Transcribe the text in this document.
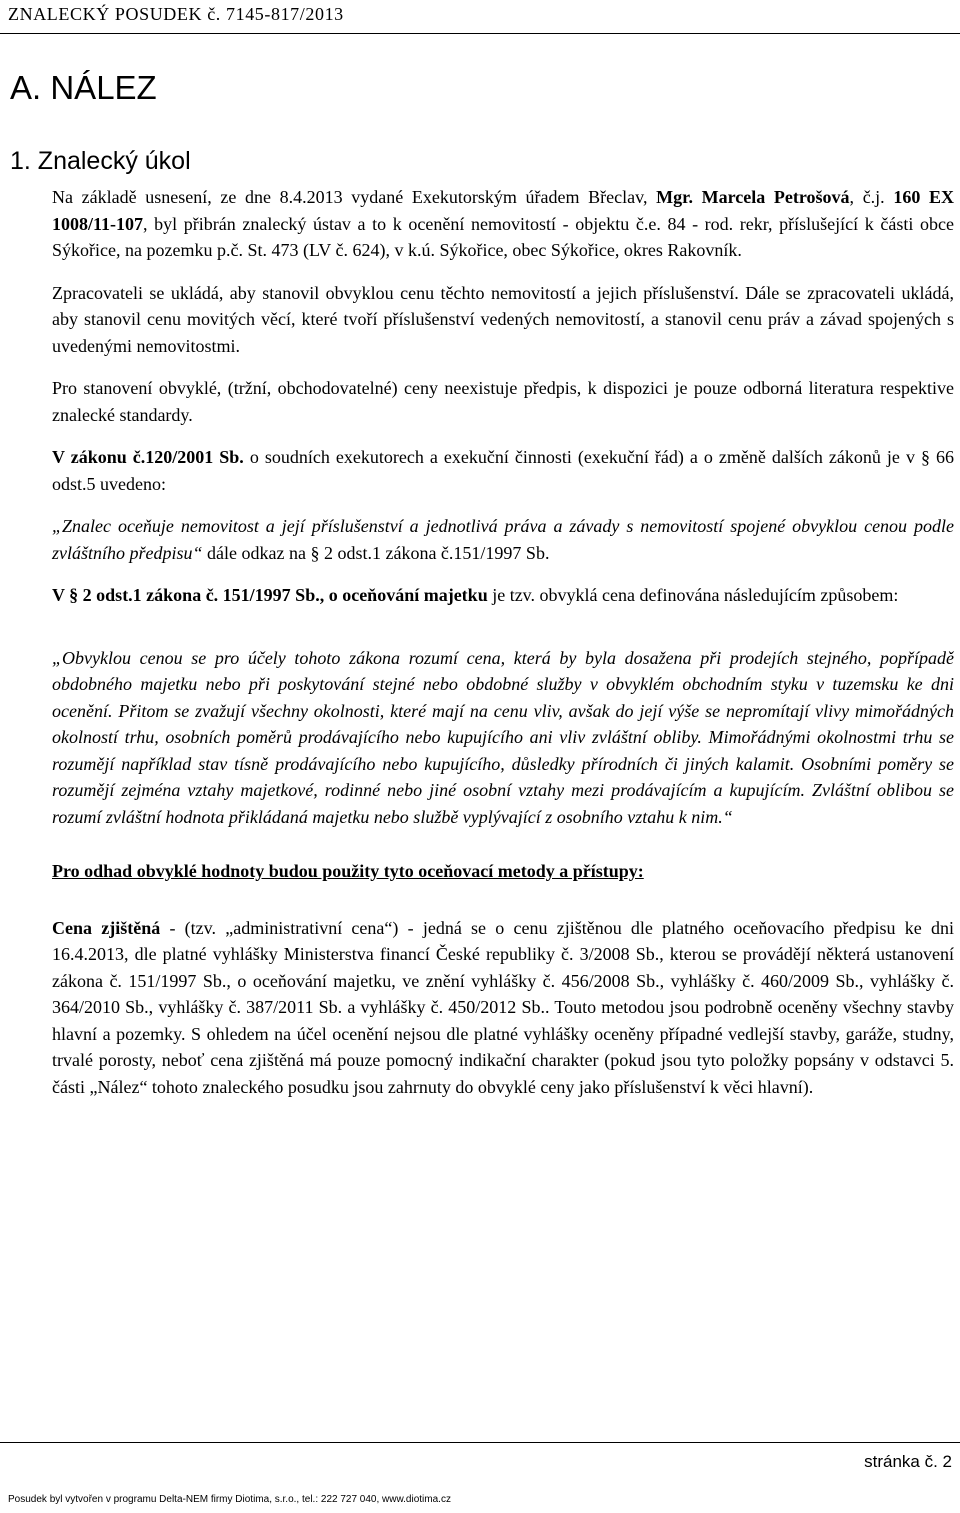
ZNALECKÝ POSUDEK č. 7145-817/2013
A. NÁLEZ
1. Znalecký úkol

Na základě usnesení, ze dne 8.4.2013 vydané Exekutorským úřadem Břeclav, Mgr. Marcela Petrošová, č.j. 160 EX 1008/11-107, byl přibrán znalecký ústav a to k ocenění nemovitostí - objektu č.e. 84 - rod. rekr, příslušející k části obce Sýkořice, na pozemku p.č. St. 473 (LV č. 624), v k.ú. Sýkořice, obec Sýkořice, okres Rakovník.

Zpracovateli se ukládá, aby stanovil obvyklou cenu těchto nemovitostí a jejich příslušenství. Dále se zpracovateli ukládá, aby stanovil cenu movitých věcí, které tvoří příslušenství vedených nemovitostí, a stanovil cenu práv a závad spojených s uvedenými nemovitostmi.

Pro stanovení obvyklé, (tržní, obchodovatelné) ceny neexistuje předpis, k dispozici je pouze odborná literatura respektive znalecké standardy.

V zákonu č.120/2001 Sb. o soudních exekutorech a exekuční činnosti (exekuční řád) a o změně dalších zákonů je v § 66 odst.5 uvedeno:

„Znalec oceňuje nemovitost a její příslušenství a jednotlivá práva a závady s nemovitostí spojené obvyklou cenou podle zvláštního předpisu“ dále odkaz na § 2 odst.1 zákona č.151/1997 Sb.

V § 2 odst.1 zákona č. 151/1997 Sb., o oceňování majetku je tzv. obvyklá cena definována následujícím způsobem:

„Obvyklou cenou se pro účely tohoto zákona rozumí cena, která by byla dosažena při prodejích stejného, popřípadě obdobného majetku nebo při poskytování stejné nebo obdobné služby v obvyklém obchodním styku v tuzemsku ke dni ocenění. Přitom se zvažují všechny okolnosti, které mají na cenu vliv, avšak do její výše se nepromítají vlivy mimořádných okolností trhu, osobních poměrů prodávajícího nebo kupujícího ani vliv zvláštní obliby. Mimořádnými okolnostmi trhu se rozumějí například stav tísně prodávajícího nebo kupujícího, důsledky přírodních či jiných kalamit. Osobními poměry se rozumějí zejména vztahy majetkové, rodinné nebo jiné osobní vztahy mezi prodávajícím a kupujícím. Zvláštní oblibou se rozumí zvláštní hodnota přikládaná majetku nebo službě vyplývající z osobního vztahu k nim.“

Pro odhad obvyklé hodnoty budou použity tyto oceňovací metody a přístupy:

Cena zjištěná - (tzv. „administrativní cena“) - jedná se o cenu zjištěnou dle platného oceňovacího předpisu ke dni 16.4.2013, dle platné vyhlášky Ministerstva financí České republiky č. 3/2008 Sb., kterou se provádějí některá ustanovení zákona č. 151/1997 Sb., o oceňování majetku, ve znění vyhlášky č. 456/2008 Sb., vyhlášky č. 460/2009 Sb., vyhlášky č. 364/2010 Sb., vyhlášky č. 387/2011 Sb. a vyhlášky č. 450/2012 Sb.. Touto metodou jsou podrobně oceněny všechny stavby hlavní a pozemky. S ohledem na účel ocenění nejsou dle platné vyhlášky oceněny případné vedlejší stavby, garáže, studny, trvalé porosty, neboť cena zjištěná má pouze pomocný indikační charakter (pokud jsou tyto položky popsány v odstavci 5. části „Nález“ tohoto znaleckého posudku jsou zahrnuty do obvyklé ceny jako příslušenství k věci hlavní).

stránka č. 2
Posudek byl vytvořen v programu Delta-NEM firmy Diotima, s.r.o., tel.: 222 727 040, www.diotima.cz
